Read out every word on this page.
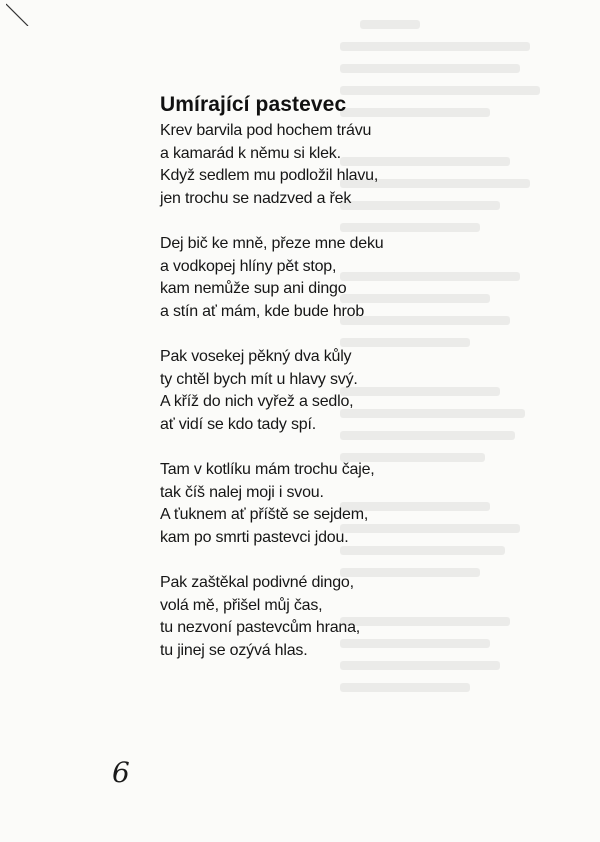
Umírající pastevec
Krev barvila pod hochem trávu
a kamarád k němu si klek.
Když sedlem mu podložil hlavu,
jen trochu se nadzved a řek
Dej bič ke mně, přeze mne deku
a vodkopej hlíny pět stop,
kam nemůže sup ani dingo
a stín ať mám, kde bude hrob
Pak vosekej pěkný dva kůly
ty chtěl bych mít u hlavy svý.
A kříž do nich vyřež a sedlo,
ať vidí se kdo tady spí.
Tam v kotlíku mám trochu čaje,
tak číš nalej moji i svou.
A ťuknem ať příště se sejdem,
kam po smrti pastevci jdou.
Pak zaštěkal podivné dingo,
volá mě, přišel můj čas,
tu nezvoní pastevcům hrana,
tu jinej se ozývá hlas.
6
